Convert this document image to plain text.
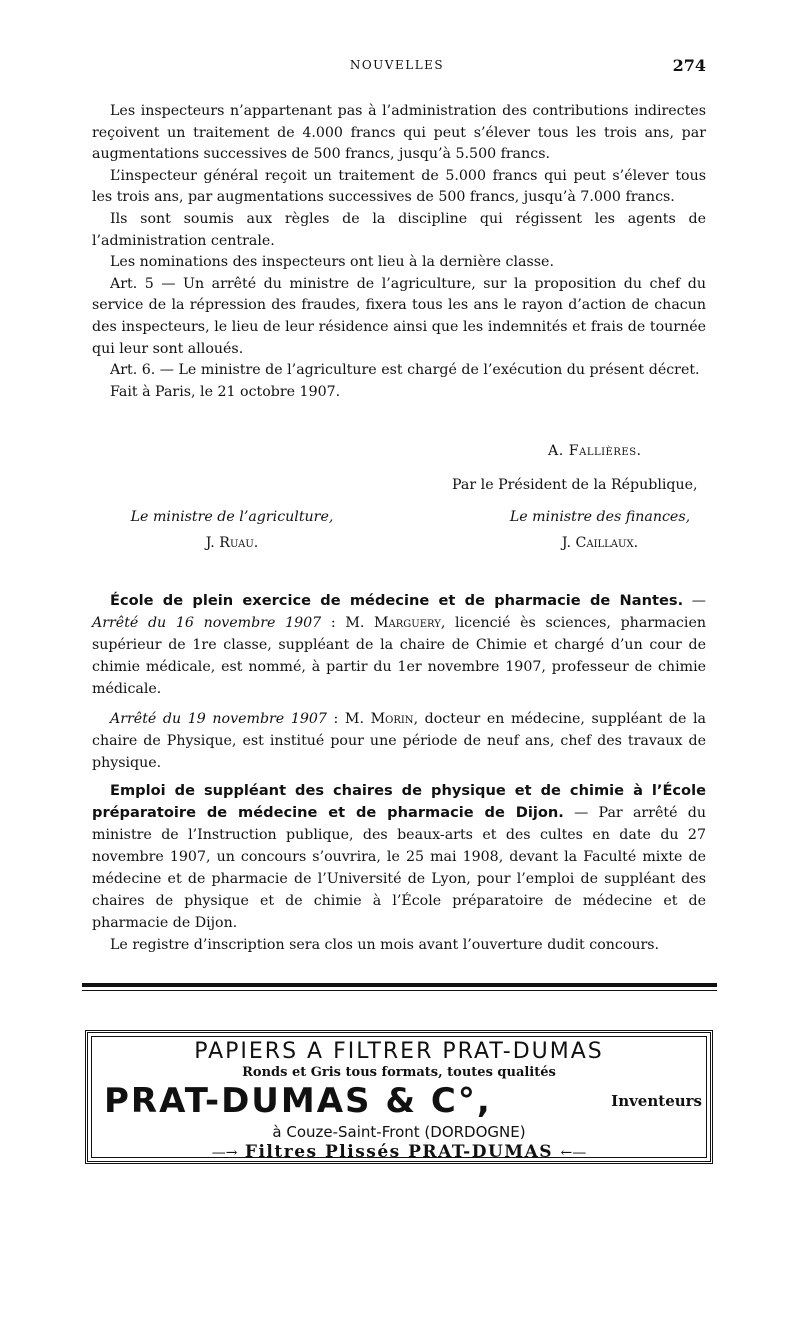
NOUVELLES	274

Les inspecteurs n’appartenant pas à l’administration des contributions indirectes reçoivent un traitement de 4.000 francs qui peut s’élever tous les trois ans, par augmentations successives de 500 francs, jusqu’à 5.500 francs.

L’inspecteur général reçoit un traitement de 5.000 francs qui peut s’élever tous les trois ans, par augmentations successives de 500 francs, jusqu’à 7.000 francs.

Ils sont soumis aux règles de la discipline qui régissent les agents de l’administration centrale.

Les nominations des inspecteurs ont lieu à la dernière classe.

Art. 5 — Un arrêté du ministre de l’agriculture, sur la proposition du chef du service de la répression des fraudes, fixera tous les ans le rayon d’action de chacun des inspecteurs, le lieu de leur résidence ainsi que les indemnités et frais de tournée qui leur sont alloués.

Art. 6. — Le ministre de l’agriculture est chargé de l’exécution du présent décret.

Fait à Paris, le 21 octobre 1907.

A. Fallières.
Par le Président de la République,
Le ministre de l’agriculture,
J. Ruau.
Le ministre des finances,
J. Caillaux.

École de plein exercice de médecine et de pharmacie de Nantes. — Arrêté du 16 novembre 1907 : M. Marguery, licencié ès sciences, pharmacien supérieur de 1re classe, suppléant de la chaire de Chimie et chargé d’un cour de chimie médicale, est nommé, à partir du 1er novembre 1907, professeur de chimie médicale.

Arrêté du 19 novembre 1907 : M. Morin, docteur en médecine, suppléant de la chaire de Physique, est institué pour une période de neuf ans, chef des travaux de physique.

Emploi de suppléant des chaires de physique et de chimie à l’École préparatoire de médecine et de pharmacie de Dijon. — Par arrêté du ministre de l’Instruction publique, des beaux-arts et des cultes en date du 27 novembre 1907, un concours s’ouvrira, le 25 mai 1908, devant la Faculté mixte de médecine et de pharmacie de l’Université de Lyon, pour l’emploi de suppléant des chaires de physique et de chimie à l’École préparatoire de médecine et de pharmacie de Dijon.

Le registre d’inscription sera clos un mois avant l’ouverture dudit concours.

PAPIERS A FILTRER PRAT-DUMAS
Ronds et Gris tous formats, toutes qualités
PRAT-DUMAS & C°,	Inventeurs
à Couze-Saint-Front (DORDOGNE)
—→ Filtres Plissés PRAT-DUMAS ←—
